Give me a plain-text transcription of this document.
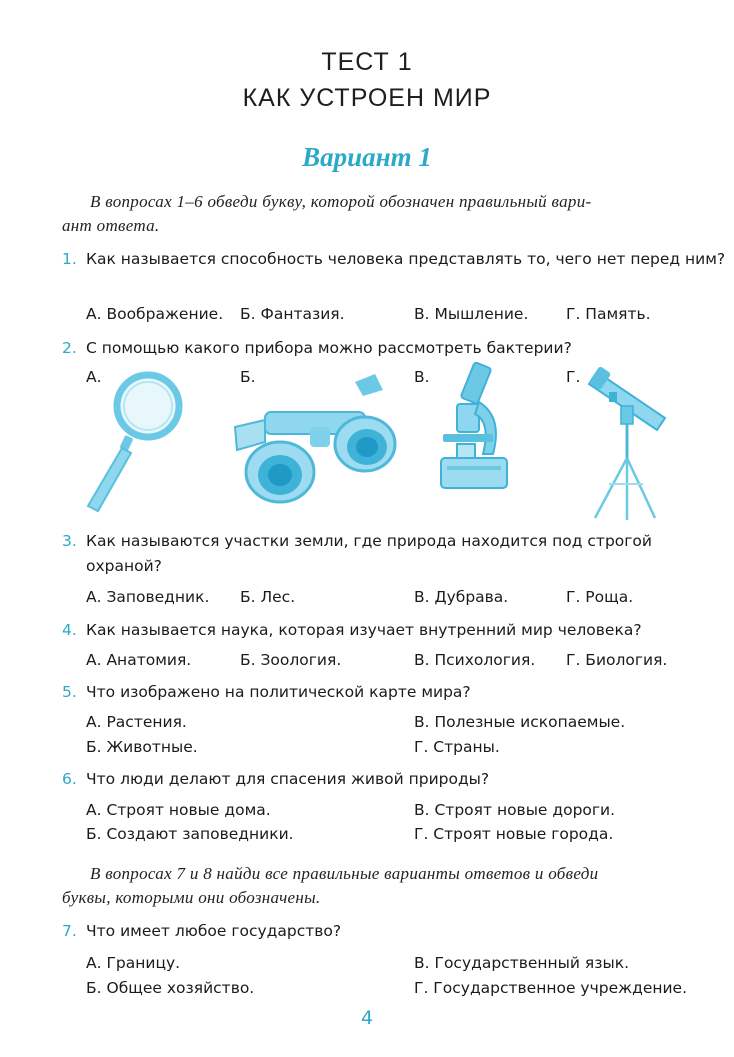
ТЕСТ 1
КАК УСТРОЕН МИР
Вариант 1
В вопросах 1–6 обведи букву, которой обозначен правильный вари-
ант ответа.
1. Как называется способность человека представлять то, чего нет перед ним?
А. Воображение. Б. Фантазия.	В. Мышление. Г. Память.
2. С помощью какого прибора можно рассмотреть бактерии?
А.	Б.	В.	Г.
3. Как называются участки земли, где природа находится под строгой охраной?
А. Заповедник. Б. Лес.	В. Дубрава.	Г. Роща.
4. Как называется наука, которая изучает внутренний мир человека?
А. Анатомия.	Б. Зоология.	В. Психология. Г. Биология.
5. Что изображено на политической карте мира?
А. Растения.	В. Полезные ископаемые.
Б. Животные.	Г. Страны.
6. Что люди делают для спасения живой природы?
А. Строят новые дома.	В. Строят новые дороги.
Б. Создают заповедники.	Г. Строят новые города.
В вопросах 7 и 8 найди все правильные варианты ответов и обведи
буквы, которыми они обозначены.
7. Что имеет любое государство?
А. Границу.	В. Государственный язык.
Б. Общее хозяйство.	Г. Государственное учреждение.
4
